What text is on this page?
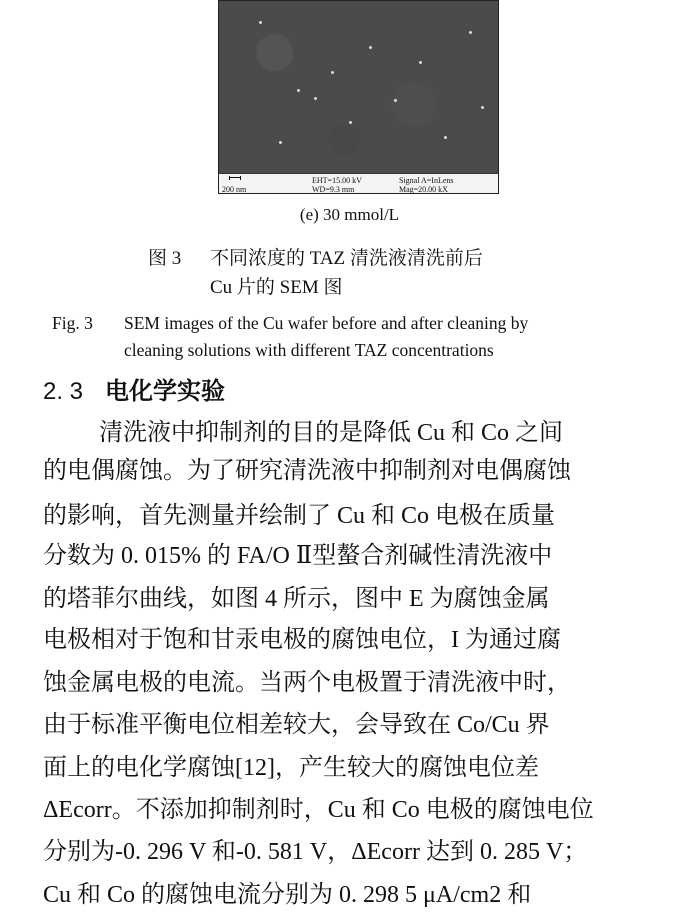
200 nm
EHT=15.00 kV
WD=9.3 mm
Signal A=InLens
Mag=20.00 kX
(e) 30 mmol/L
图 3 不同浓度的 TAZ 清洗液清洗前后
Cu 片的 SEM 图
Fig. 3 SEM images of the Cu wafer before and after cleaning by
cleaning solutions with different TAZ concentrations
2. 3 电化学实验
清洗液中抑制剂的目的是降低 Cu 和 Co 之间
的电偶腐蚀。为了研究清洗液中抑制剂对电偶腐蚀
的影响，首先测量并绘制了 Cu 和 Co 电极在质量
分数为 0. 015% 的 FA/O Ⅱ型螯合剂碱性清洗液中
的塔菲尔曲线，如图 4 所示，图中 E 为腐蚀金属
电极相对于饱和甘汞电极的腐蚀电位，I 为通过腐
蚀金属电极的电流。当两个电极置于清洗液中时，
由于标准平衡电位相差较大，会导致在 Co/Cu 界
面上的电化学腐蚀[12]，产生较大的腐蚀电位差
ΔEcorr。不添加抑制剂时，Cu 和 Co 电极的腐蚀电位
分别为-0. 296 V 和-0. 581 V，ΔEcorr 达到 0. 285 V；
Cu 和 Co 的腐蚀电流分别为 0. 298 5 μA/cm2 和
